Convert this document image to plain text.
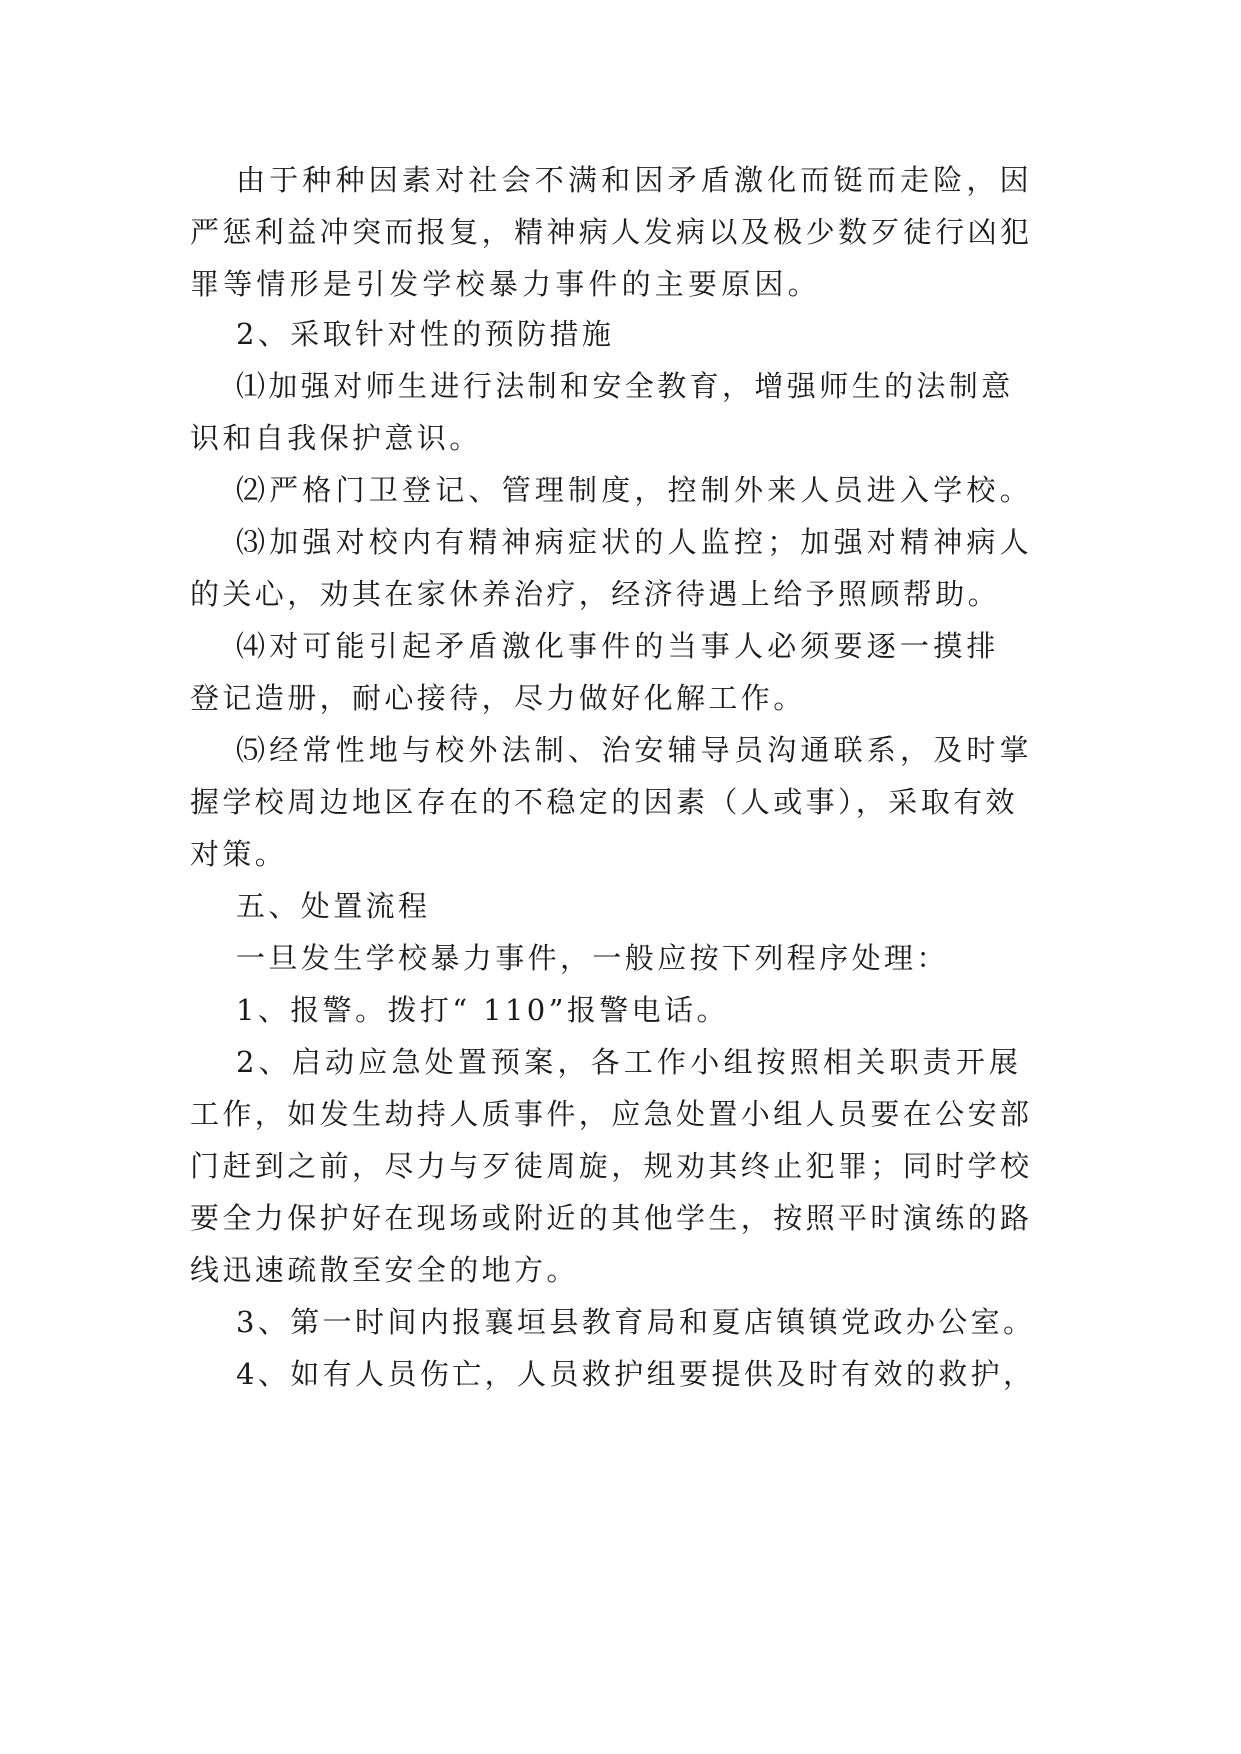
由于种种因素对社会不满和因矛盾激化而铤而走险，因
严惩利益冲突而报复，精神病人发病以及极少数歹徒行凶犯
罪等情形是引发学校暴力事件的主要原因。
2、采取针对性的预防措施
⑴加强对师生进行法制和安全教育，增强师生的法制意
识和自我保护意识。
⑵严格门卫登记、管理制度，控制外来人员进入学校。
⑶加强对校内有精神病症状的人监控；加强对精神病人
的关心，劝其在家休养治疗，经济待遇上给予照顾帮助。
⑷对可能引起矛盾激化事件的当事人必须要逐一摸排
登记造册，耐心接待，尽力做好化解工作。
⑸经常性地与校外法制、治安辅导员沟通联系，及时掌
握学校周边地区存在的不稳定的因素（人或事），采取有效
对策。
五、处置流程
一旦发生学校暴力事件，一般应按下列程序处理：
1、报警。拨打“ 110”报警电话。
2、启动应急处置预案，各工作小组按照相关职责开展
工作，如发生劫持人质事件，应急处置小组人员要在公安部
门赶到之前，尽力与歹徒周旋，规劝其终止犯罪；同时学校
要全力保护好在现场或附近的其他学生，按照平时演练的路
线迅速疏散至安全的地方。
3、第一时间内报襄垣县教育局和夏店镇镇党政办公室。
4、如有人员伤亡，人员救护组要提供及时有效的救护，
